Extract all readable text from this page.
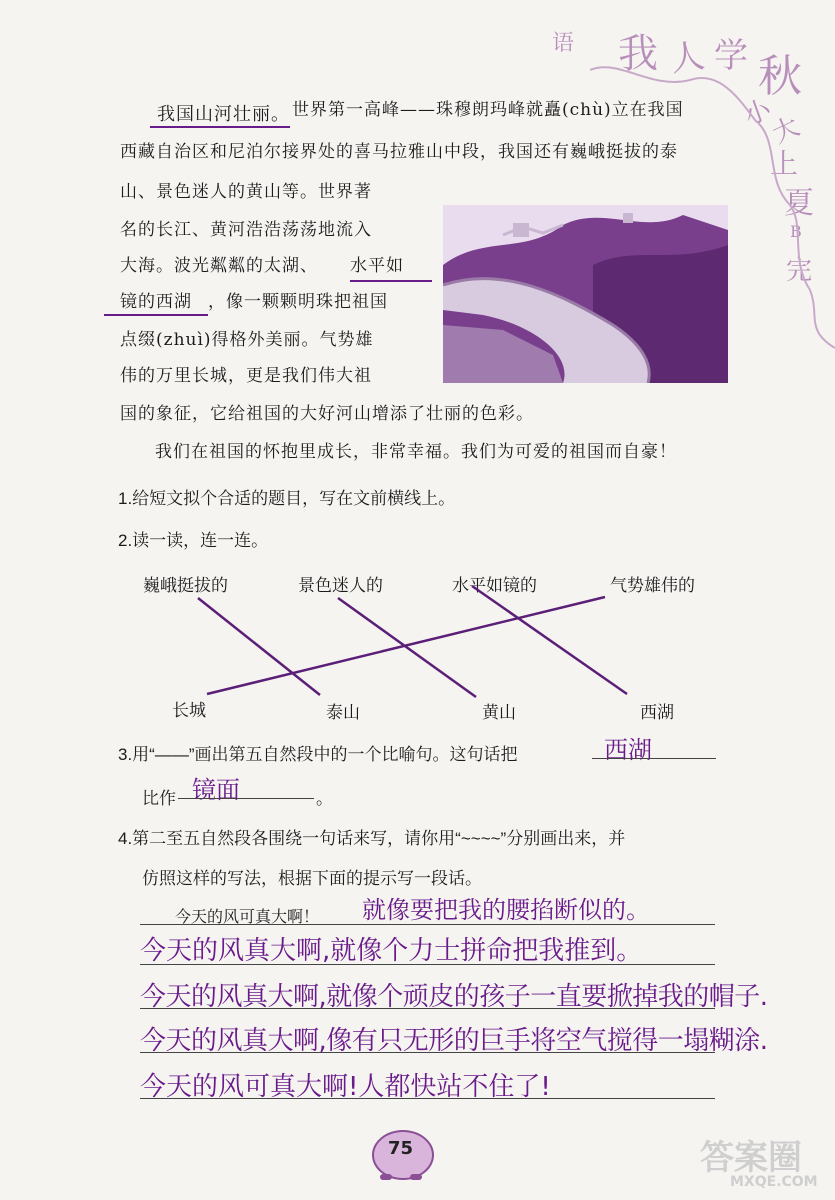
语 我 人 学 秋
小
大
上
夏
B
完
我国山河壮丽。 世界第一高峰——珠穆朗玛峰就矗(chù)立在我国
西藏自治区和尼泊尔接界处的喜马拉雅山中段，我国还有巍峨挺拔的泰
山、景色迷人的黄山等。世界著
名的长江、黄河浩浩荡荡地流入
大海。波光粼粼的太湖、 水平如
镜的西湖 ，像一颗颗明珠把祖国
点缀(zhuì)得格外美丽。气势雄
伟的万里长城，更是我们伟大祖
国的象征，它给祖国的大好河山增添了壮丽的色彩。
我们在祖国的怀抱里成长，非常幸福。我们为可爱的祖国而自豪！
1.给短文拟个合适的题目，写在文前横线上。
2.读一读，连一连。
巍峨挺拔的	景色迷人的	水平如镜的	气势雄伟的
长城	泰山	黄山	西湖
3.用“——”画出第五自然段中的一个比喻句。这句话把	西湖
比作 镜面	。
4.第二至五自然段各围绕一句话来写，请你用“~~~~”分别画出来，并
仿照这样的写法，根据下面的提示写一段话。
今天的风可真大啊！ 就像要把我的腰掐断似的。
今天的风真大啊,就像个力士拼命把我推到。
今天的风真大啊,就像个顽皮的孩子一直要掀掉我的帽子.
今天的风真大啊,像有只无形的巨手将空气搅得一塌糊涂.
今天的风可真大啊!人都快站不住了!
75	答案圈
MXQE.COM
